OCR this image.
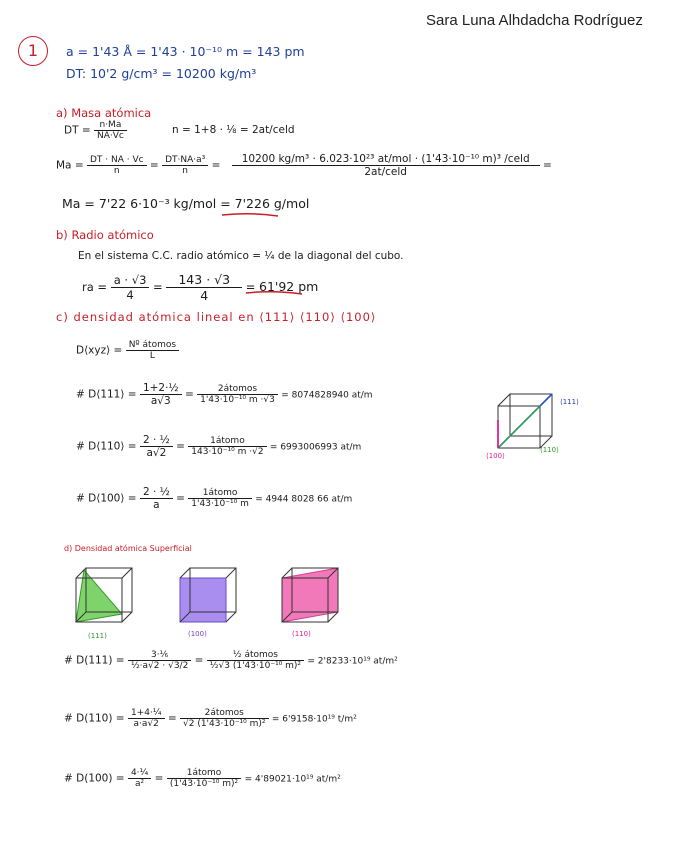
Sara Luna Alhdadcha Rodríguez
1	a = 1'43 Å = 1'43 · 10⁻¹⁰ m = 143 pm
DT: 10'2 g/cm³ = 10200 kg/m³
a) Masa atómica
DT = $\frac{n\cdot Ma}{NA\cdot Vc}$	n = 1+8 · ⅛ = 2at/celd
$Ma = \frac{DT \cdot NA \cdot Vc}{n} = \frac{\text{DT·NA·a³}}{n} = \frac{\text{10200 kg/m³ · 6.023·10²³ at/mol · (1'43·10⁻¹⁰ m)³ /celd}}{\text{2at/celd}}$ =
Ma = 7'22 6·10⁻³ kg/mol = 7'226 g/mol
b) Radio atómico
En el sistema C.C. radio atómico = ¼ de la diagonal del cubo.
ra = $\frac{a \cdot √3}{4} = \frac{143 \cdot √3}{4} = 61'92$ pm
c) densidad atómica lineal en ⟨111⟩ ⟨110⟩ ⟨100⟩
D⟨xyz⟩ = $\frac{\text{Nº átomos}}{L}$
# D⟨111⟩ = $\frac{\text{1+2·½}}{a√3} = \frac{\text{2átomos}}{\text{1'43·10⁻¹⁰ m ·√3}} = 8074828940$ at/m
# D⟨110⟩ = $\frac{\text{2 · ½}}{a√2} = \frac{\text{1átomo}}{\text{143·10⁻¹⁰ m ·√2}} = 6993006993$ at/m
# D⟨100⟩ = $\frac{\text{2 · ½}}{a} = \frac{\text{1átomo}}{\text{1'43·10⁻¹⁰ m}} = 4944$ 8028 66 at/m
⟨111⟩
⟨100⟩
⟨110⟩
d) Densidad atómica Superficial
(111)	(100)	(110)
# $D(111) = \frac{\text{3·⅙}}{\text{½·a√2 · √3/2}} = \frac{\text{½ átomos}}{\text{½√3 (1'43·10⁻¹⁰ m)²}} = 2'8233\cdot 10^{19}$ at/m²
# $D(110) = \frac{\text{1+4·¼}}{a\cdot a√2} = \frac{\text{2átomos}}{\text{√2 (1'43·10⁻¹⁰ m)²}} = 6'9158\cdot 10^{19}$ t/m²
# $D(100) = \frac{\text{4·¼}}{\text{a²}} = \frac{\text{1átomo}}{\text{(1'43·10⁻¹⁰ m)²}} = 4'89021\cdot 10^{19}$ at/m²
